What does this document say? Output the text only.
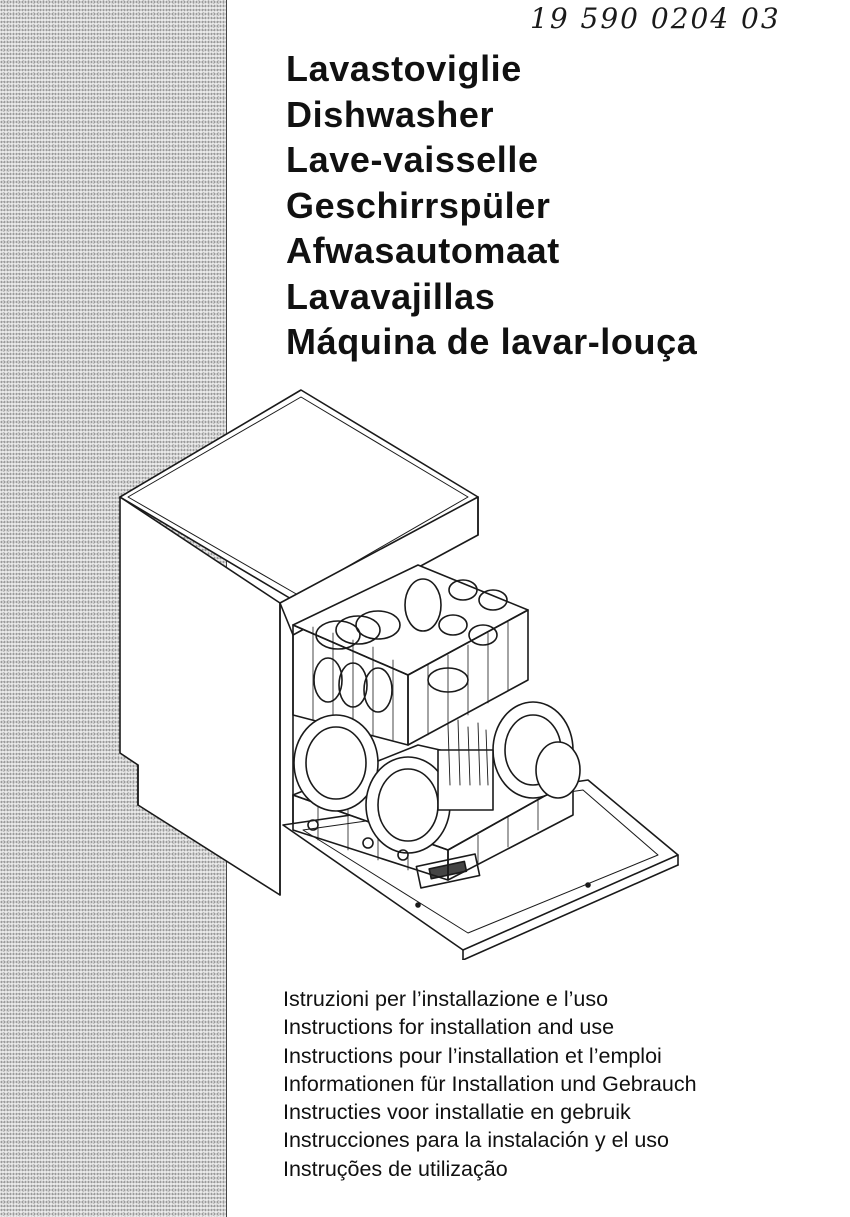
19 590 0204 03
Lavastoviglie
Dishwasher
Lave-vaisselle
Geschirrspüler
Afwasautomaat
Lavavajillas
Máquina de lavar-louça
Istruzioni per l’installazione e l’uso
Instructions for installation and use
Instructions pour l’installation et l’emploi
Informationen für Installation und Gebrauch
Instructies voor installatie en gebruik
Instrucciones para la instalación y el uso
Instruções de utilização
